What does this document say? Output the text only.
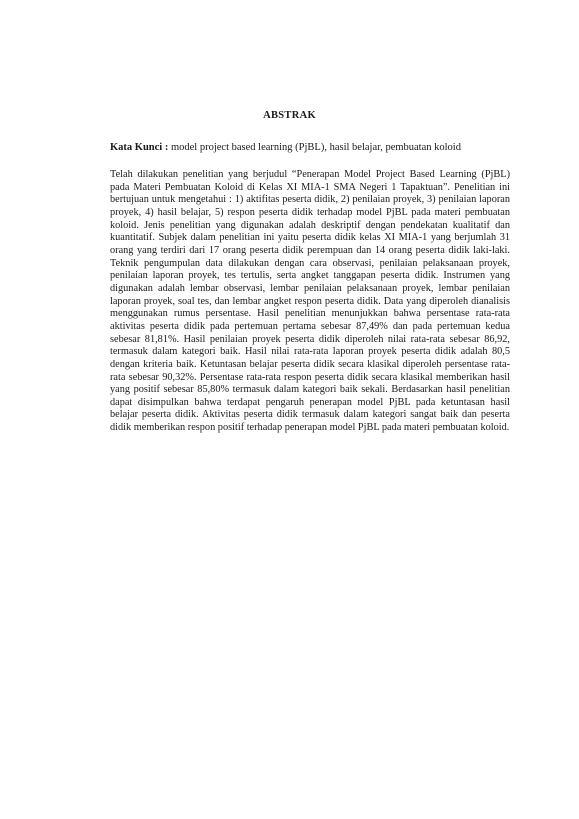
ABSTRAK
Kata Kunci : model project based learning (PjBL), hasil belajar, pembuatan koloid
Telah dilakukan penelitian yang berjudul “Penerapan Model Project Based Learning (PjBL) pada Materi Pembuatan Koloid di Kelas XI MIA-1 SMA Negeri 1 Tapaktuan”. Penelitian ini bertujuan untuk mengetahui : 1) aktifitas peserta didik, 2) penilaian proyek, 3) penilaian laporan proyek, 4) hasil belajar, 5) respon peserta didik terhadap model PjBL pada materi pembuatan koloid. Jenis penelitian yang digunakan adalah deskriptif dengan pendekatan kualitatif dan kuantitatif. Subjek dalam penelitian ini yaitu peserta didik kelas XI MIA-1 yang berjumlah 31 orang yang terdiri dari 17 orang peserta didik perempuan dan 14 orang peserta didik laki-laki. Teknik pengumpulan data dilakukan dengan cara observasi, penilaian pelaksanaan proyek, penilaian laporan proyek, tes tertulis, serta angket tanggapan peserta didik. Instrumen yang digunakan adalah lembar observasi, lembar penilaian pelaksanaan proyek, lembar penilaian laporan proyek, soal tes, dan lembar angket respon peserta didik. Data yang diperoleh dianalisis menggunakan rumus persentase. Hasil penelitian menunjukkan bahwa persentase rata-rata aktivitas peserta didik pada pertemuan pertama sebesar 87,49% dan pada pertemuan kedua sebesar 81,81%. Hasil penilaian proyek peserta didik diperoleh nilai rata-rata sebesar 86,92, termasuk dalam kategori baik. Hasil nilai rata-rata laporan proyek peserta didik adalah 80,5 dengan kriteria baik. Ketuntasan belajar peserta didik secara klasikal diperoleh persentase rata-rata sebesar 90,32%. Persentase rata-rata respon peserta didik secara klasikal memberikan hasil yang positif sebesar 85,80% termasuk dalam kategori baik sekali. Berdasarkan hasil penelitian dapat disimpulkan bahwa terdapat pengaruh penerapan model PjBL pada ketuntasan hasil belajar peserta didik. Aktivitas peserta didik termasuk dalam kategori sangat baik dan peserta didik memberikan respon positif terhadap penerapan model PjBL pada materi pembuatan koloid.
